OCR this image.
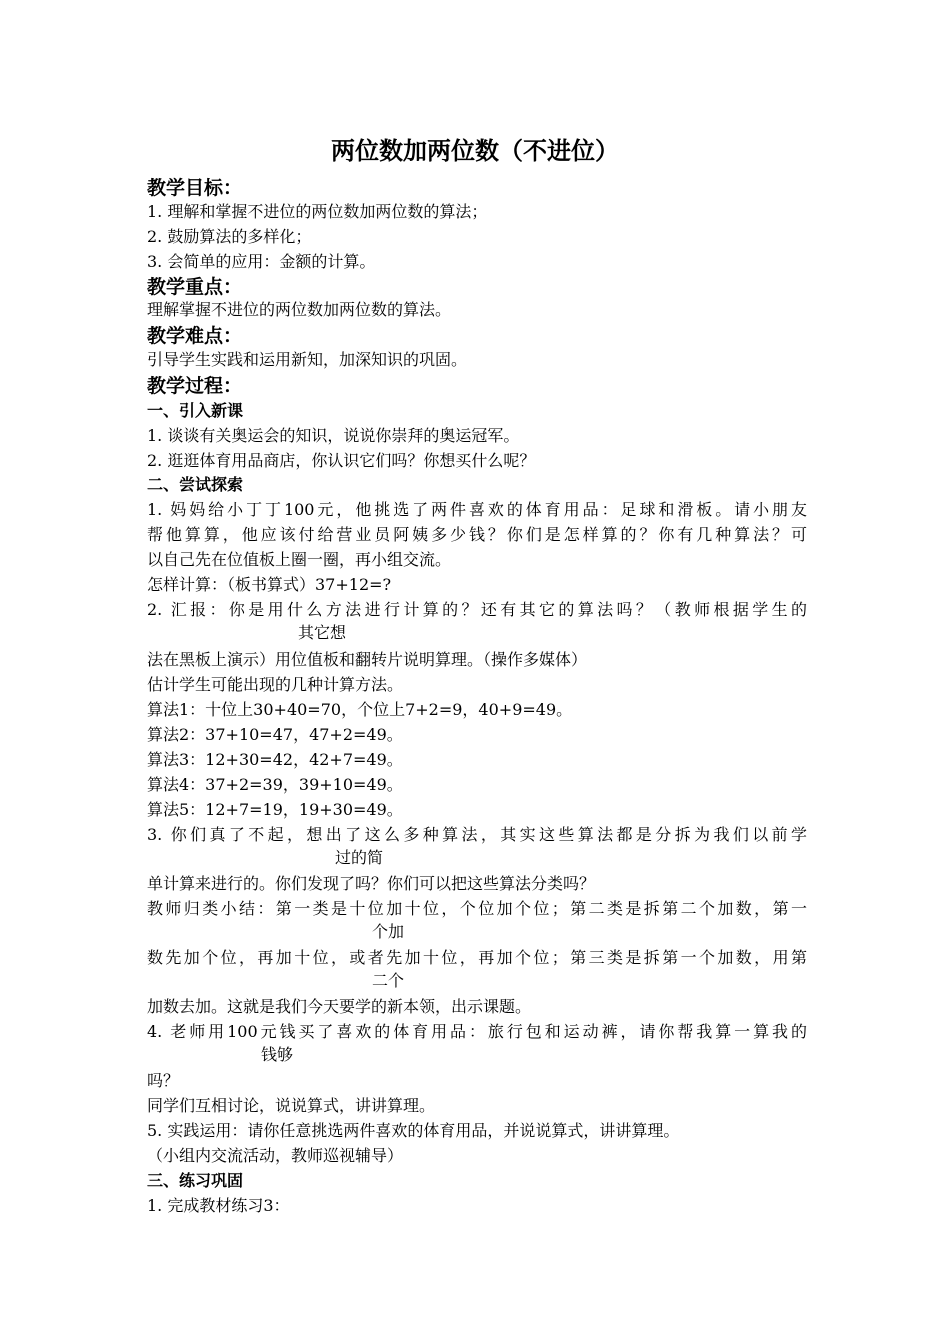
两位数加两位数（不进位）
教学目标：
1. 理解和掌握不进位的两位数加两位数的算法；
2. 鼓励算法的多样化；
3. 会简单的应用：金额的计算。
教学重点：
理解掌握不进位的两位数加两位数的算法。
教学难点：
引导学生实践和运用新知，加深知识的巩固。
教学过程：
一、引入新课
1. 谈谈有关奥运会的知识，说说你崇拜的奥运冠军。
2. 逛逛体育用品商店，你认识它们吗？你想买什么呢？
二、尝试探索
1. 妈妈给小丁丁100元，他挑选了两件喜欢的体育用品：足球和滑板。请小朋友
帮他算算，他应该付给营业员阿姨多少钱？你们是怎样算的？你有几种算法？可
以自己先在位值板上圈一圈，再小组交流。
怎样计算：（板书算式）37+12=?
2. 汇报：你是用什么方法进行计算的？还有其它的算法吗？（教师根据学生的
其它想
法在黑板上演示）用位值板和翻转片说明算理。（操作多媒体）
估计学生可能出现的几种计算方法。
算法1：十位上30+40=70，个位上7+2=9，40+9=49。
算法2：37+10=47，47+2=49。
算法3：12+30=42，42+7=49。
算法4：37+2=39，39+10=49。
算法5：12+7=19，19+30=49。
3. 你们真了不起，想出了这么多种算法，其实这些算法都是分拆为我们以前学
过的简
单计算来进行的。你们发现了吗？你们可以把这些算法分类吗？
教师归类小结：第一类是十位加十位，个位加个位；第二类是拆第二个加数，第一
个加
数先加个位，再加十位，或者先加十位，再加个位；第三类是拆第一个加数，用第
二个
加数去加。这就是我们今天要学的新本领，出示课题。
4. 老师用100元钱买了喜欢的体育用品：旅行包和运动裤，请你帮我算一算我的
钱够
吗？
同学们互相讨论，说说算式，讲讲算理。
5. 实践运用：请你任意挑选两件喜欢的体育用品，并说说算式，讲讲算理。
（小组内交流活动，教师巡视辅导）
三、练习巩固
1. 完成教材练习3：
